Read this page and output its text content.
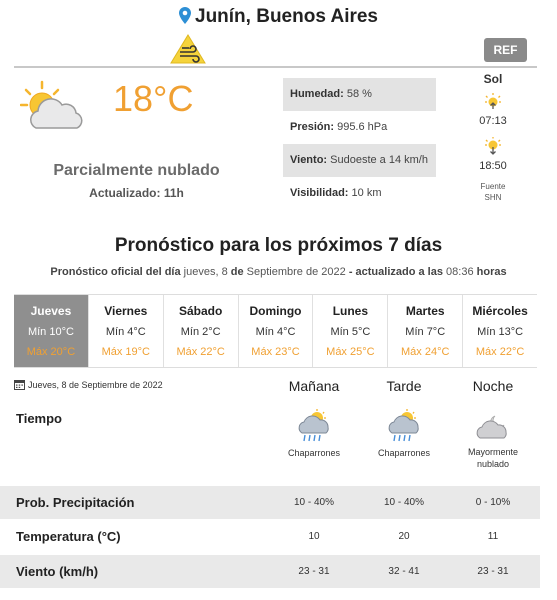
Junín, Buenos Aires
REF
18°C
Parcialmente nublado
Actualizado: 11h
Humedad: 58 %
Presión: 995.6 hPa
Viento: Sudoeste a 14 km/h
Visibilidad: 10 km
Sol
07:13
18:50
Fuente
SHN
Pronóstico para los próximos 7 días
Pronóstico oficial del día jueves, 8 de Septiembre de 2022 - actualizado a las 08:36 horas
Jueves
Mín 10°C
Máx 20°C
Viernes
Mín 4°C
Máx 19°C
Sábado
Mín 2°C
Máx 22°C
Domingo
Mín 4°C
Máx 23°C
Lunes
Mín 5°C
Máx 25°C
Martes
Mín 7°C
Máx 24°C
Miércoles
Mín 13°C
Máx 22°C
Jueves, 8 de Septiembre de 2022	Mañana	Tarde	Noche
Tiempo
Chaparrones	Chaparrones	Mayormente
nublado
Prob. Precipitación	10 - 40%	10 - 40%	0 - 10%
Temperatura (°C)	10	20	11
Viento (km/h)	23 - 31	32 - 41	23 - 31
